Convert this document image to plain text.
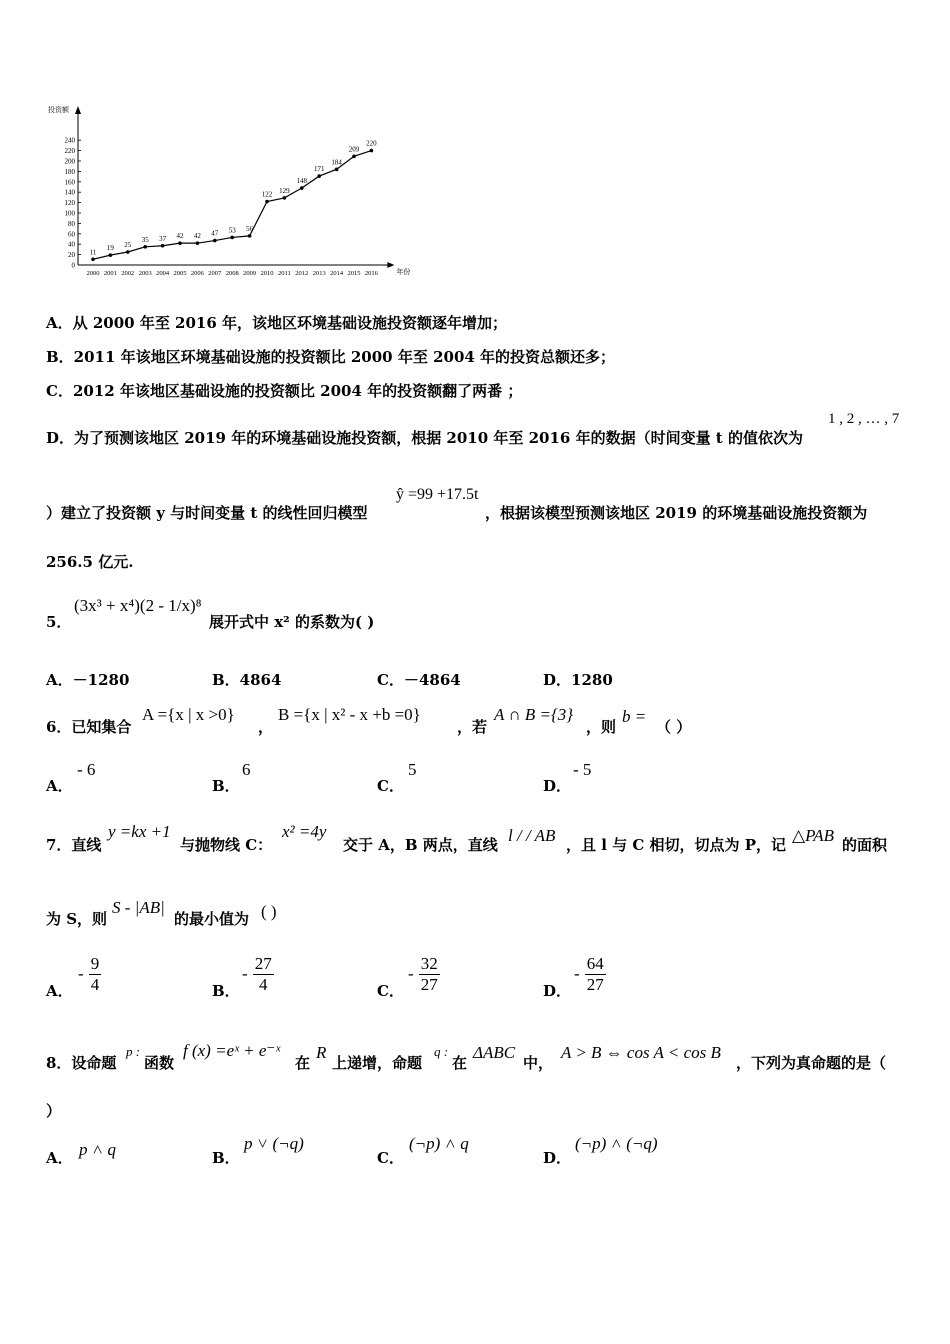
投资额
年份
0
20
40
60
80
100
120
140
160
180
200
220
240
2000 2001 2002 2003 2004 2005 2006 2007 2008 2009 2010 2011 2012 2013 2014 2015 2016
11
19 25
35 37 42 42 47 53 56
122 129
148
171
184
209
220
A．从 2000 年至 2016 年，该地区环境基础设施投资额逐年增加；
B．2011 年该地区环境基础设施的投资额比 2000 年至 2004 年的投资总额还多；
C．2012 年该地区基础设施的投资额比 2004 年的投资额翻了两番 ；
D．为了预测该地区 2019 年的环境基础设施投资额，根据 2010 年至 2016 年的数据（时间变量 t 的值依次为
1 , 2 , … , 7
）建立了投资额 y 与时间变量 t 的线性回归模型
ŷ =99 +17.5t
，根据该模型预测该地区 2019 的环境基础设施投资额为
256.5 亿元.
5．
(3x³ + x⁴)(2 - 1/x)⁸
展开式中 x² 的系数为( )
A．－1280	B．4864	C．－4864	D．1280
6．已知集合
A ={x | x >0}
，
B ={x | x² - x +b =0}
，若
A ∩ B ={3}
，则
b =
（ ）
A．
- 6
B．
6
C．
5
D．
- 5
7．直线
y =kx +1
与抛物线 C：
x² =4y
交于 A，B 两点，直线 l / / AB ，且 l 与 C 相切，切点为 P，记 △PAB 的面积
为 S，则
S - |AB|
的最小值为 ( )
A．
- $\frac{9}{4}$	B．
- $\frac{27}{4}$	C．
- $\frac{32}{27}$	D．
- $\frac{64}{27}$
8．设命题
p :
函数
f (x) =eˣ + e⁻ˣ
在
R
上递增，命题
q :
在
ΔABC
中，
A > B ⇔ cos A < cos B
，下列为真命题的是（
）
A． p ˄ q	B．
p ˅ (¬q)
C．
(¬p) ˄ q
D．
(¬p) ˄ (¬q)
